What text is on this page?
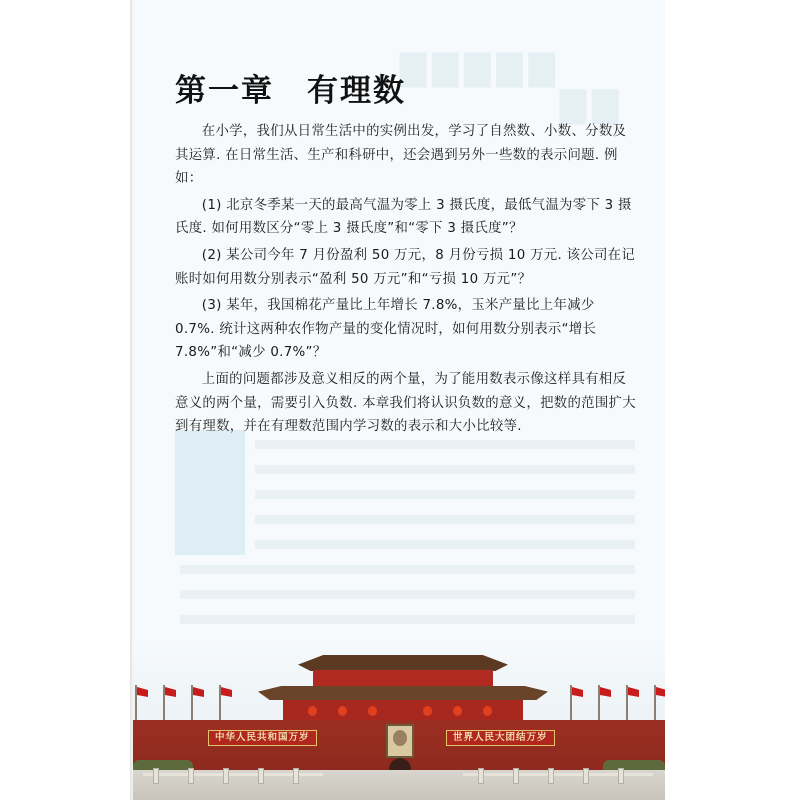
▇▇▇▇▇
▇▇
第一章　有理数

在小学，我们从日常生活中的实例出发，学习了自然数、小数、分数及其运算. 在日常生活、生产和科研中，还会遇到另外一些数的表示问题. 例如：

(1) 北京冬季某一天的最高气温为零上 3 摄氏度，最低气温为零下 3 摄氏度. 如何用数区分“零上 3 摄氏度”和“零下 3 摄氏度”？

(2) 某公司今年 7 月份盈利 50 万元，8 月份亏损 10 万元. 该公司在记账时如何用数分别表示“盈利 50 万元”和“亏损 10 万元”？

(3) 某年，我国棉花产量比上年增长 7.8%，玉米产量比上年减少 0.7%. 统计这两种农作物产量的变化情况时，如何用数分别表示“增长 7.8%”和“减少 0.7%”？

上面的问题都涉及意义相反的两个量，为了能用数表示像这样具有相反意义的两个量，需要引入负数. 本章我们将认识负数的意义，把数的范围扩大到有理数，并在有理数范围内学习数的表示和大小比较等.

中华人民共和国万岁	世界人民大团结万岁
